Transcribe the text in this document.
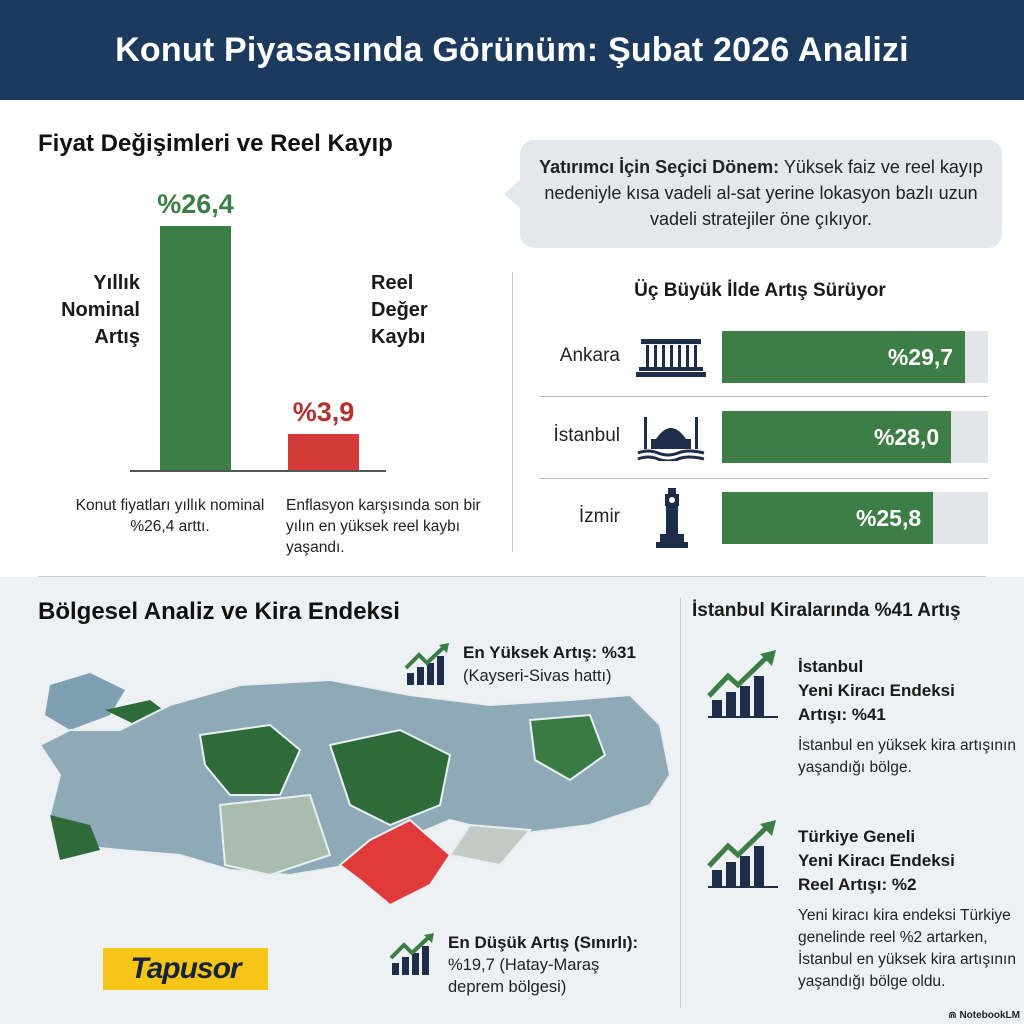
Konut Piyasasında Görünüm: Şubat 2026 Analizi
Fiyat Değişimleri ve Reel Kayıp
Yıllık
Nominal
Artış
Reel
Değer
Kaybı
%26,4
%3,9
Konut fiyatları yıllık nominal %26,4 arttı.
Enflasyon karşısında son bir yılın en yüksek reel kaybı yaşandı.
Yatırımcı İçin Seçici Dönem: Yüksek faiz ve reel kayıp nedeniyle kısa vadeli al-sat yerine lokasyon bazlı uzun vadeli stratejiler öne çıkıyor.
Üç Büyük İlde Artış Sürüyor
Ankara	%29,7
İstanbul	%28,0
İzmir	%25,8
Bölgesel Analiz ve Kira Endeksi
En Yüksek Artış: %31
(Kayseri-Sivas hattı)
En Düşük Artış (Sınırlı):
%19,7 (Hatay-Maraş
deprem bölgesi)
Tapusor
İstanbul Kiralarında %41 Artış
İstanbul
Yeni Kiracı Endeksi
Artışı: %41
İstanbul en yüksek kira artışının yaşandığı bölge.
Türkiye Geneli
Yeni Kiracı Endeksi
Reel Artışı: %2
Yeni kiracı kira endeksi Türkiye genelinde reel %2 artarken, İstanbul en yüksek kira artışının yaşandığı bölge oldu.
⋒ NotebookLM
